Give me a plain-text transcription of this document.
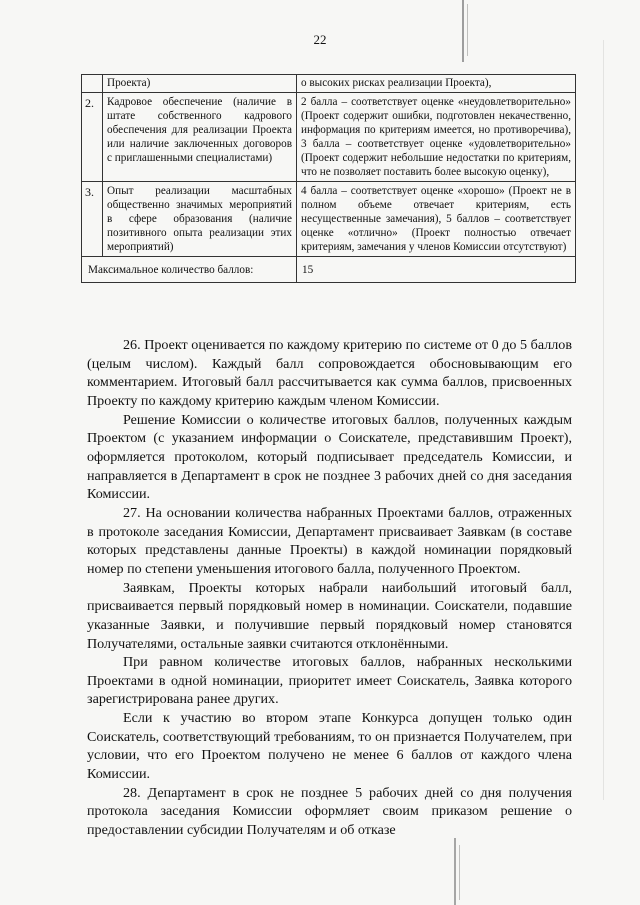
22
	Проекта)	о высоких рисках реализации Проекта),
2.	Кадровое обеспечение (наличие в штате собственного кадрового обеспечения для реализации Проекта или наличие заключенных договоров с приглашенными специалистами)	2 балла – соответствует оценке «неудовлетворительно» (Проект содержит ошибки, подготовлен некачественно, информация по критериям имеется, но противоречива), 3 балла – соответствует оценке «удовлетворительно» (Проект содержит небольшие недостатки по критериям, что не позволяет поставить более высокую оценку),
3.	Опыт реализации масштабных общественно значимых мероприятий в сфере образования (наличие позитивного опыта реализации этих мероприятий)	4 балла – соответствует оценке «хорошо» (Проект не в полном объеме отвечает критериям, есть несущественные замечания), 5 баллов – соответствует оценке «отлично» (Проект полностью отвечает критериям, замечания у членов Комиссии отсутствуют)
Максимальное количество баллов:		15

26. Проект оценивается по каждому критерию по системе от 0 до 5 баллов (целым числом). Каждый балл сопровождается обосновывающим его комментарием. Итоговый балл рассчитывается как сумма баллов, присвоенных Проекту по каждому критерию каждым членом Комиссии.

Решение Комиссии о количестве итоговых баллов, полученных каждым Проектом (с указанием информации о Соискателе, представившим Проект), оформляется протоколом, который подписывает председатель Комиссии, и направляется в Департамент в срок не позднее 3 рабочих дней со дня заседания Комиссии.

27. На основании количества набранных Проектами баллов, отраженных в протоколе заседания Комиссии, Департамент присваивает Заявкам (в составе которых представлены данные Проекты) в каждой номинации порядковый номер по степени уменьшения итогового балла, полученного Проектом.

Заявкам, Проекты которых набрали наибольший итоговый балл, присваивается первый порядковый номер в номинации. Соискатели, подавшие указанные Заявки, и получившие первый порядковый номер становятся Получателями, остальные заявки считаются отклонёнными.

При равном количестве итоговых баллов, набранных несколькими Проектами в одной номинации, приоритет имеет Соискатель, Заявка которого зарегистрирована ранее других.

Если к участию во втором этапе Конкурса допущен только один Соискатель, соответствующий требованиям, то он признается Получателем, при условии, что его Проектом получено не менее 6 баллов от каждого члена Комиссии.

28. Департамент в срок не позднее 5 рабочих дней со дня получения протокола заседания Комиссии оформляет своим приказом решение о предоставлении субсидии Получателям и об отказе
